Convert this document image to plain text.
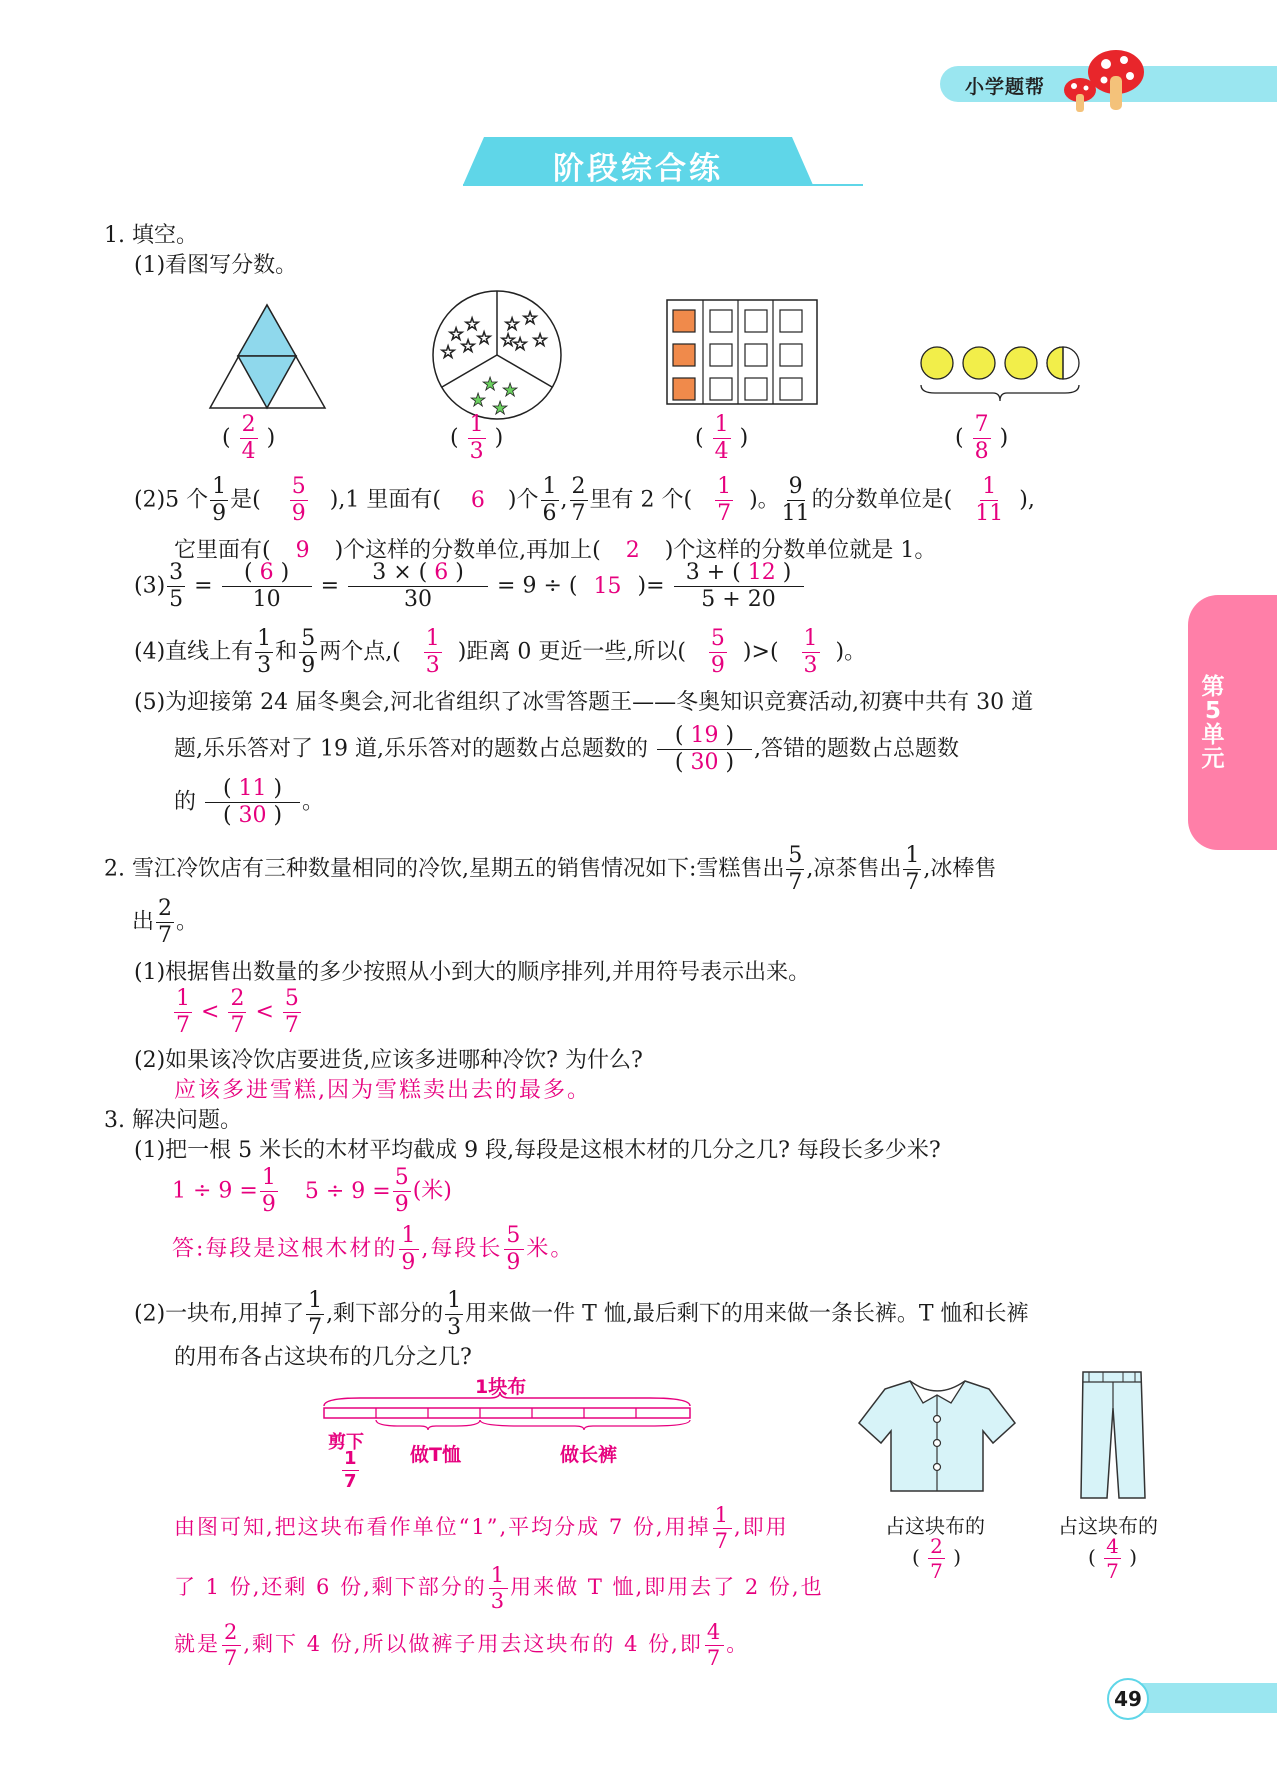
小学题帮
阶段综合练
第5单元
1. 填空。
(1)看图写分数。
☆ ☆
☆
☆
☆
☆ ☆
☆
☆
☆
★ ★
★ ★
( $\frac{2}{4}$ )	( $\frac{1}{3}$ )	( $\frac{1}{4}$ )	( $\frac{7}{8}$ )
(2)5 个 $\frac{1}{9}$ 是( $\frac{5}{9} ),1$ 里面有( 6 )个 $\frac{1}{6}$ , $\frac{2}{7}$ 里有 2 个( $\frac{1}{7}$ )。 $\frac{9}{11}$ 的分数单位是( $\frac{1}{11}$ ),
它里面有( 9 )个这样的分数单位,再加上( 2 )个这样的分数单位就是 1。
$(3) \frac{3}{5} = \frac{( 6 )}{10} = \frac{3 \times ( 6 )}{30} = 9$ ÷ ( 15 )= $\frac{3 + ( 12 )}{5 + 20}$
(4)直线上有 $\frac{1}{3}$ 和 $\frac{5}{9}$ 两个点,( $\frac{1}{3}$ )距离 0 更近一些,所以( $\frac{5}{9}$ )>( $\frac{1}{3}$ )。
(5)为迎接第 24 届冬奥会,河北省组织了冰雪答题王——冬奥知识竞赛活动,初赛中共有 30 道
题,乐乐答对了 19 道,乐乐答对的题数占总题数的 $\frac{( 19 )}{( 30 )}$ ,答错的题数占总题数
的 $\frac{( 11 )}{( 30 )}$ 。
2. 雪江冷饮店有三种数量相同的冷饮,星期五的销售情况如下:雪糕售出 $\frac{5}{7}$ ,凉茶售出 $\frac{1}{7}$ ,冰棒售
出 $\frac{2}{7}$ 。
(1)根据售出数量的多少按照从小到大的顺序排列,并用符号表示出来。
$\frac{1}{7} < \frac{2}{7} < \frac{5}{7}$
(2)如果该冷饮店要进货,应该多进哪种冷饮? 为什么?
应该多进雪糕,因为雪糕卖出去的最多。
3. 解决问题。
(1)把一根 5 米长的木材平均截成 9 段,每段是这根木材的几分之几? 每段长多少米?
$1 \div 9 = \frac{1}{9} 5 \div 9 = \frac{5}{9}$ (米)
答:每段是这根木材的 $\frac{1}{9}$ ,每段长 $\frac{5}{9}$ 米。
(2)一块布,用掉了 $\frac{1}{7}$ ,剩下部分的 $\frac{1}{3}$ 用来做一件 T 恤,最后剩下的用来做一条长裤。T 恤和长裤
的用布各占这块布的几分之几?
1块布
剪下
$\frac{1}{7}$	做T恤	做长裤
占这块布的
( $\frac{2}{7}$ )
占这块布的
( $\frac{4}{7}$ )
由图可知,把这块布看作单位“1”,平均分成 7 份,用掉 $\frac{1}{7}$ ,即用
了 1 份,还剩 6 份,剩下部分的 $\frac{1}{3}$ 用来做 T 恤,即用去了 2 份,也
就是 $\frac{2}{7}$ ,剩下 4 份,所以做裤子用去这块布的 4 份,即 $\frac{4}{7}$ 。
49
